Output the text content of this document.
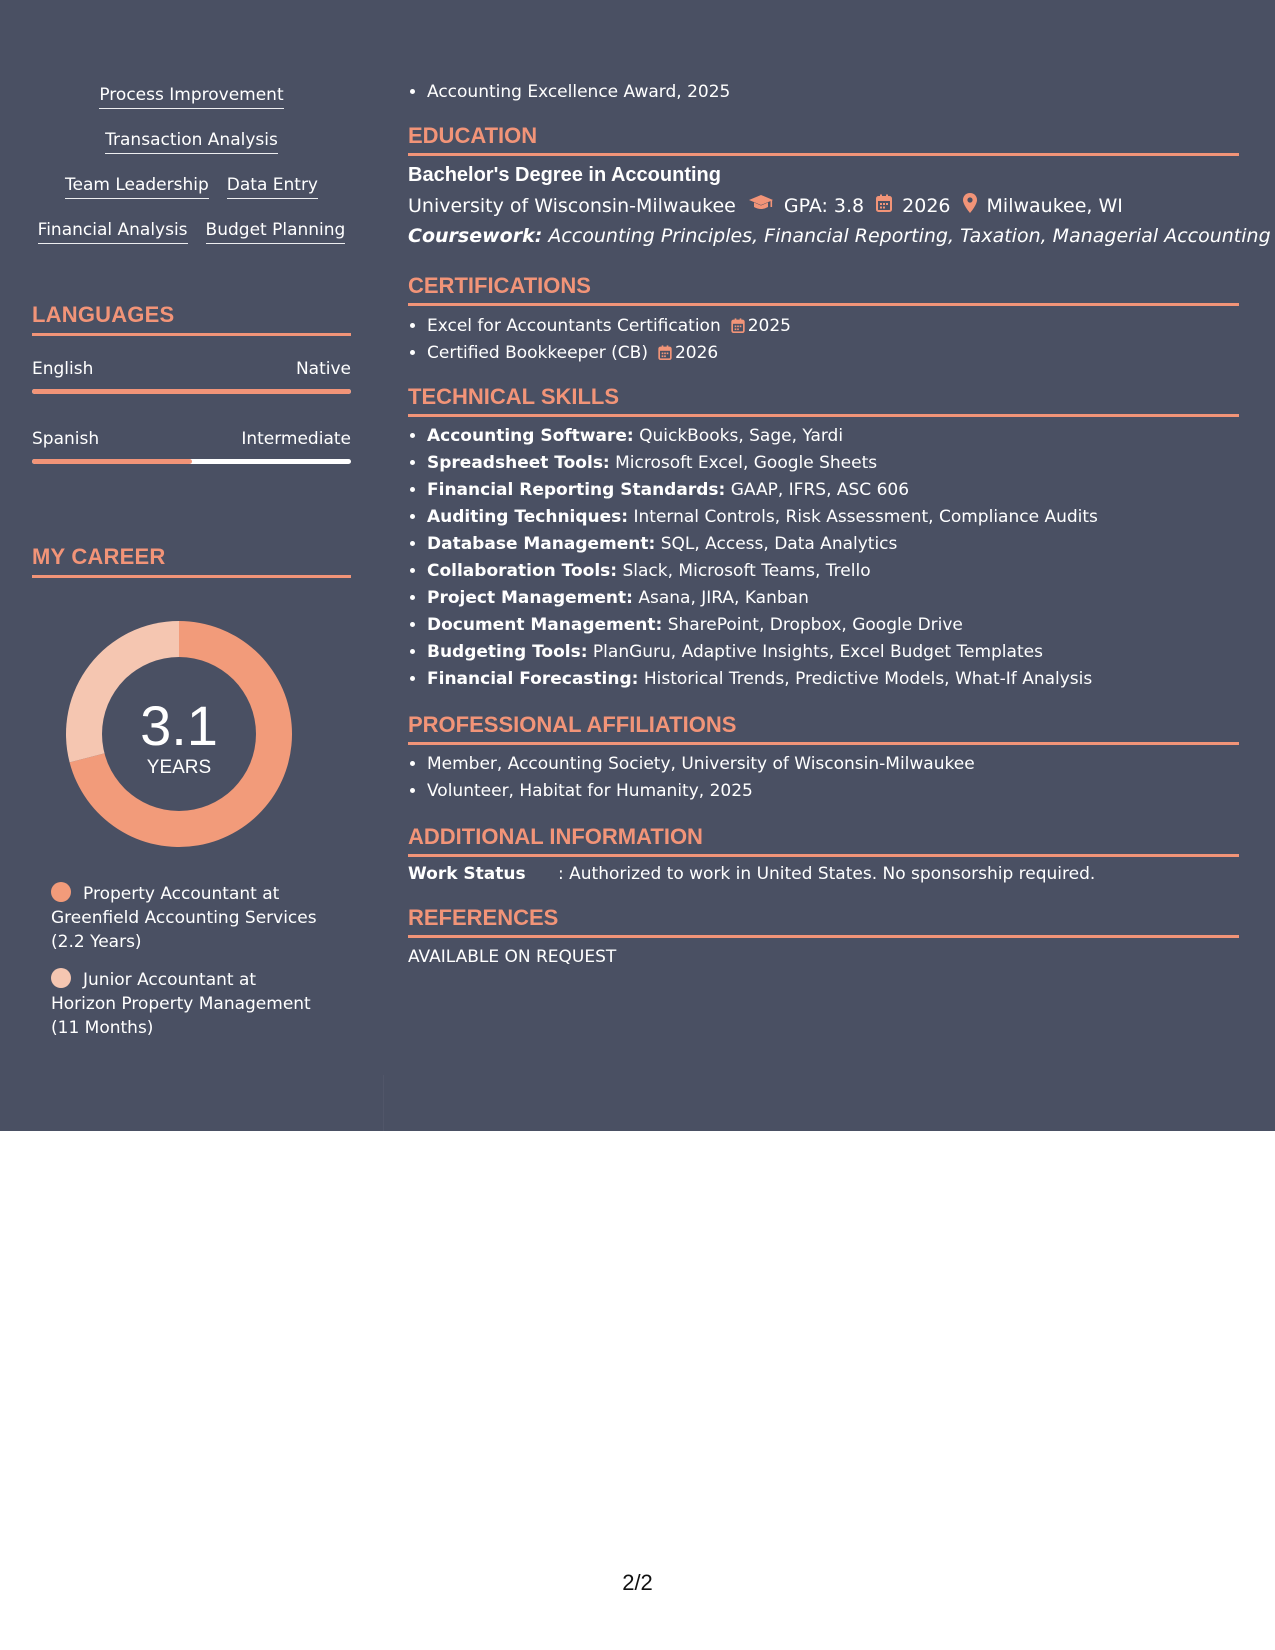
Process Improvement
Transaction Analysis
Team Leadership Data Entry
Financial Analysis Budget Planning
LANGUAGES
English	Native
Spanish	Intermediate
MY CAREER
3.1
YEARS
Property Accountant at
Greenfield Accounting Services
(2.2 Years)
Junior Accountant at
Horizon Property Management
(11 Months)
• Accounting Excellence Award, 2025
EDUCATION
Bachelor's Degree in Accounting
University of Wisconsin-Milwaukee	GPA: 3.8 2026 Milwaukee, WI
Coursework: Accounting Principles, Financial Reporting, Taxation, Managerial Accounting
CERTIFICATIONS
• Excel for Accountants Certification 2025
• Certified Bookkeeper (CB) 2026
TECHNICAL SKILLS
• Accounting Software: QuickBooks, Sage, Yardi
• Spreadsheet Tools: Microsoft Excel, Google Sheets
• Financial Reporting Standards: GAAP, IFRS, ASC 606
• Auditing Techniques: Internal Controls, Risk Assessment, Compliance Audits
• Database Management: SQL, Access, Data Analytics
• Collaboration Tools: Slack, Microsoft Teams, Trello
• Project Management: Asana, JIRA, Kanban
• Document Management: SharePoint, Dropbox, Google Drive
• Budgeting Tools: PlanGuru, Adaptive Insights, Excel Budget Templates
• Financial Forecasting: Historical Trends, Predictive Models, What-If Analysis
PROFESSIONAL AFFILIATIONS
• Member, Accounting Society, University of Wisconsin-Milwaukee
• Volunteer, Habitat for Humanity, 2025
ADDITIONAL INFORMATION
Work Status : Authorized to work in United States. No sponsorship required.
REFERENCES
AVAILABLE ON REQUEST
2/2
